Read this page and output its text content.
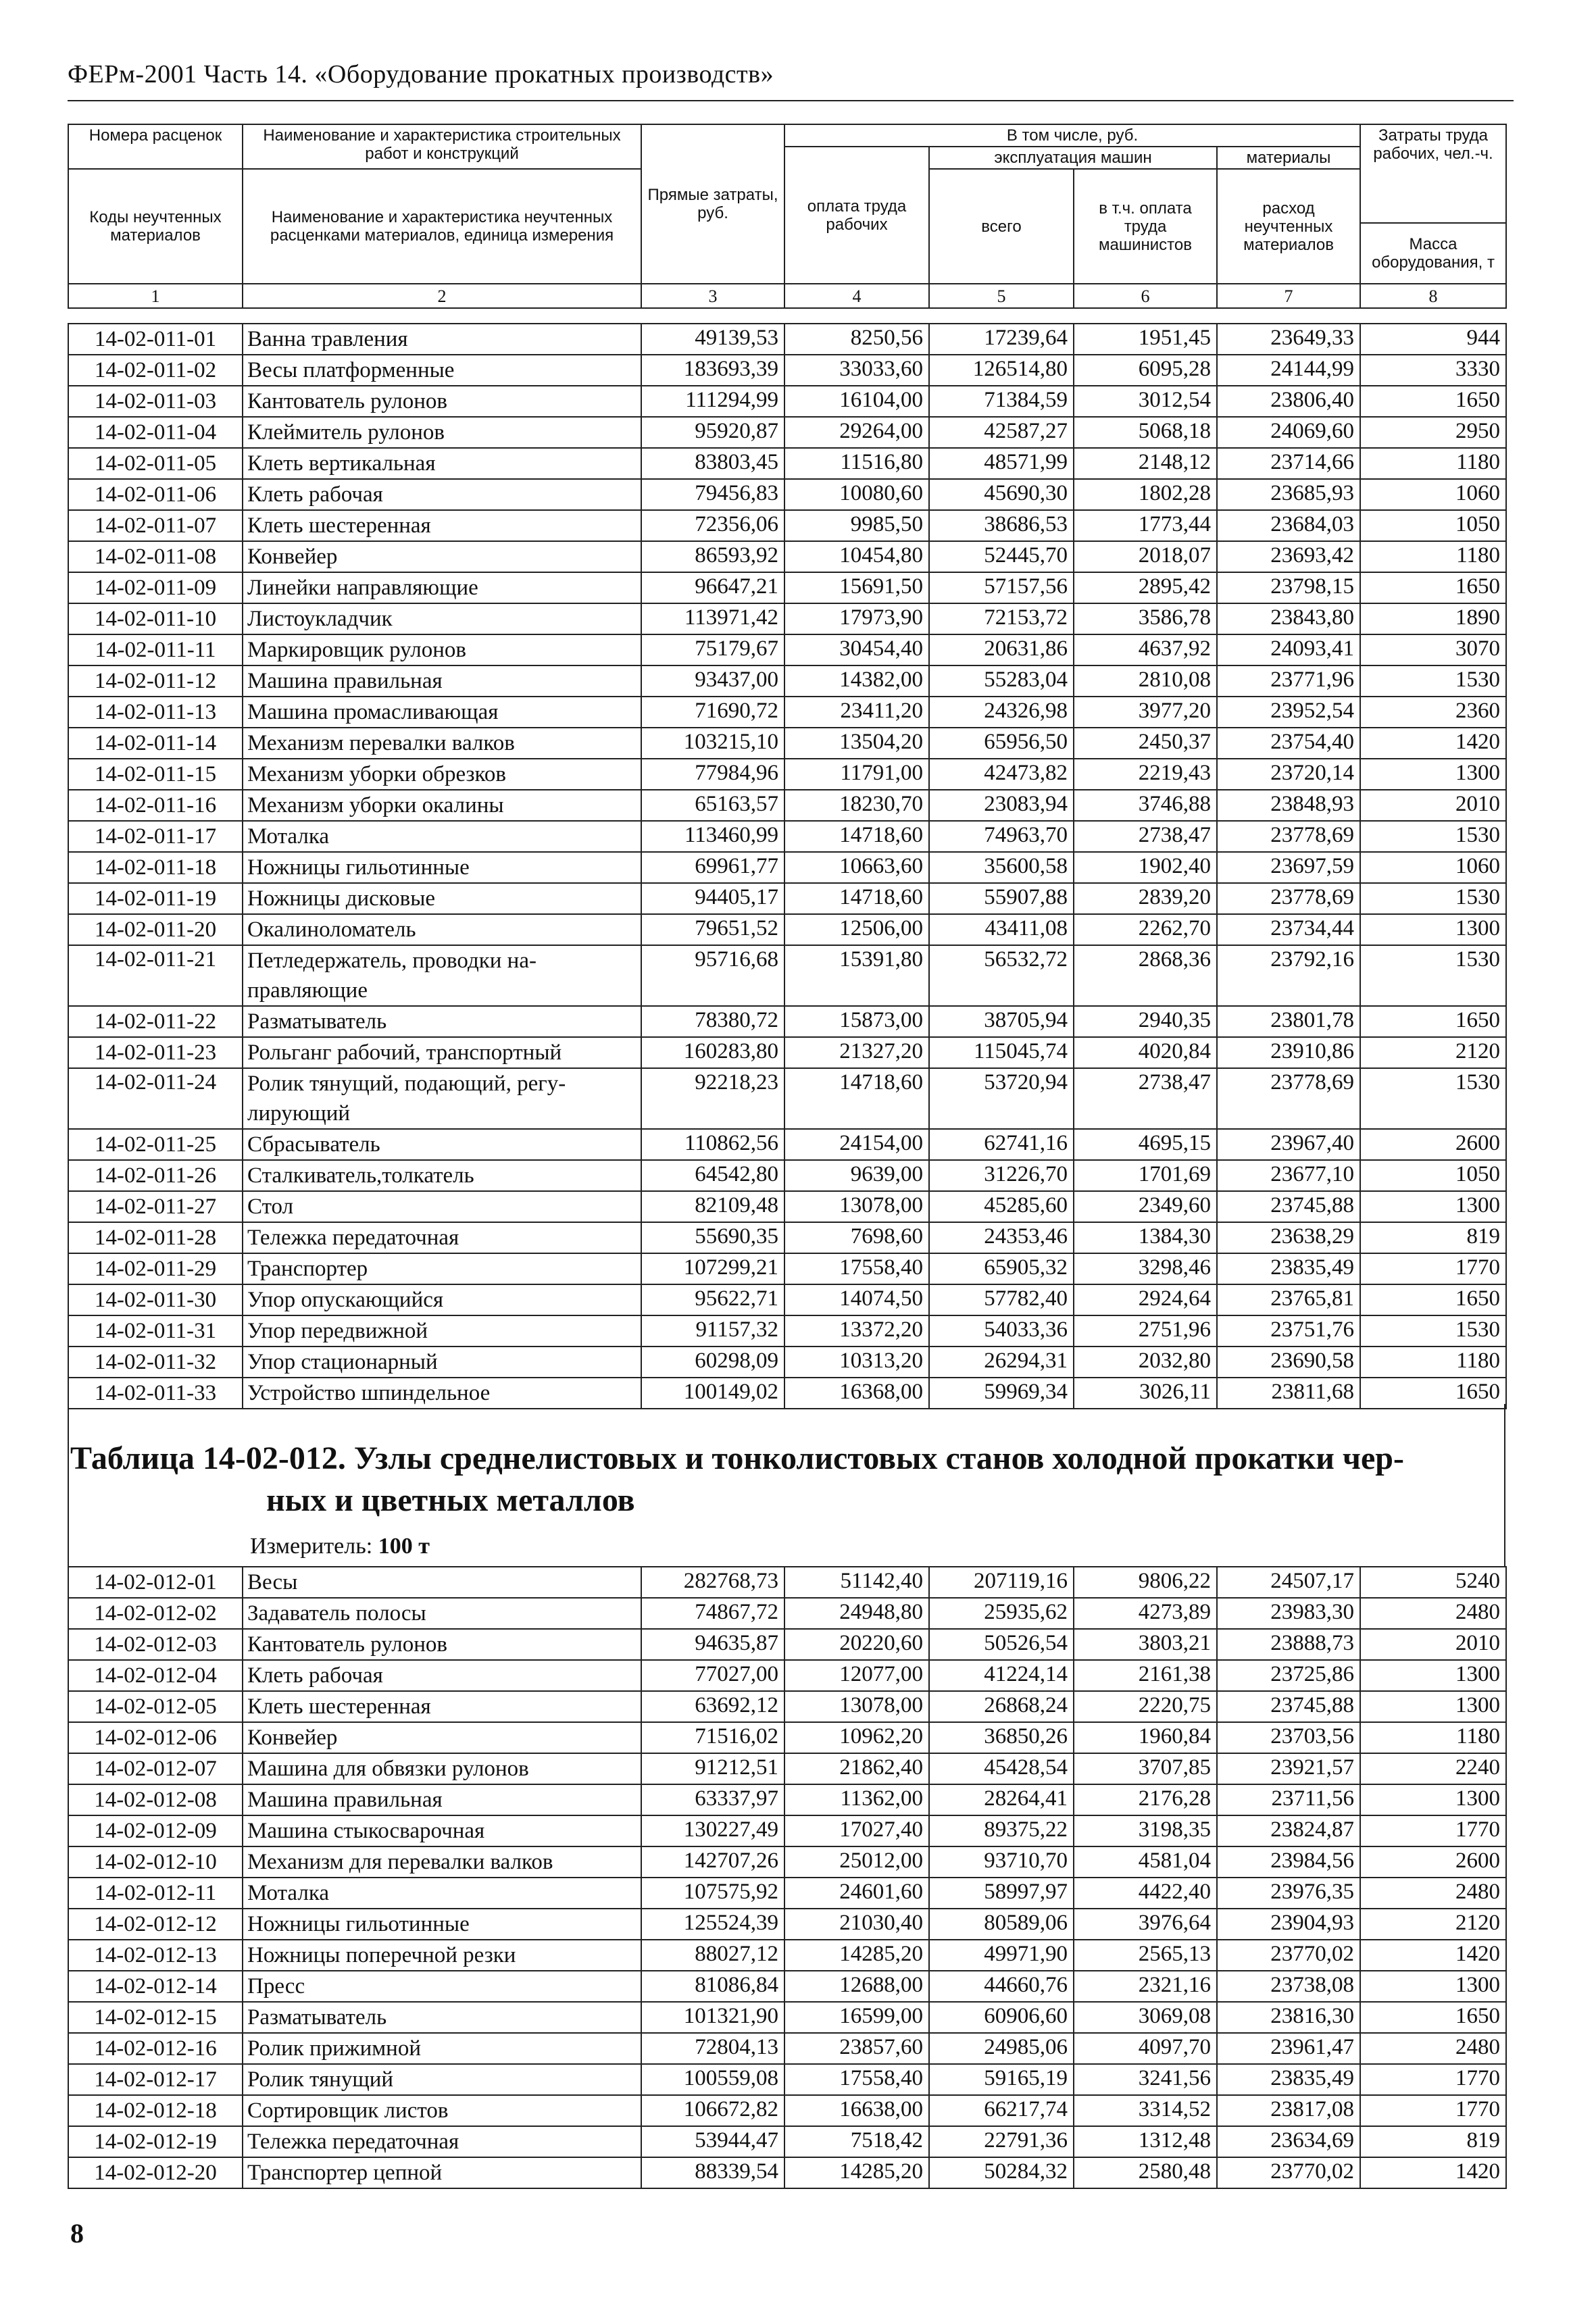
ФЕРм-2001 Часть 14. «Оборудование прокатных производств»
Номера расценок	Наименование и характеристика строительных работ и конструкций	Прямые затраты, руб.	В том числе, руб.				Затраты труда рабочих, чел.-ч.
			оплата труда рабочих	эксплуатация машин		материалы	
Коды неучтенных материалов	Наименование и характеристика неучтенных расценками материалов, единица измерения			всего	в т.ч. оплата труда машинистов	расход неучтенных материалов	
							Масса оборудования, т
1	2	3	4	5	6	7	8
14-02-011-01	Ванна травления	49139,53	8250,56	17239,64	1951,45	23649,33	944
14-02-011-02	Весы платформенные	183693,39	33033,60	126514,80	6095,28	24144,99	3330
14-02-011-03	Кантователь рулонов	111294,99	16104,00	71384,59	3012,54	23806,40	1650
14-02-011-04	Клеймитель рулонов	95920,87	29264,00	42587,27	5068,18	24069,60	2950
14-02-011-05	Клеть вертикальная	83803,45	11516,80	48571,99	2148,12	23714,66	1180
14-02-011-06	Клеть рабочая	79456,83	10080,60	45690,30	1802,28	23685,93	1060
14-02-011-07	Клеть шестеренная	72356,06	9985,50	38686,53	1773,44	23684,03	1050
14-02-011-08	Конвейер	86593,92	10454,80	52445,70	2018,07	23693,42	1180
14-02-011-09	Линейки направляющие	96647,21	15691,50	57157,56	2895,42	23798,15	1650
14-02-011-10	Листоукладчик	113971,42	17973,90	72153,72	3586,78	23843,80	1890
14-02-011-11	Маркировщик рулонов	75179,67	30454,40	20631,86	4637,92	24093,41	3070
14-02-011-12	Машина правильная	93437,00	14382,00	55283,04	2810,08	23771,96	1530
14-02-011-13	Машина промасливающая	71690,72	23411,20	24326,98	3977,20	23952,54	2360
14-02-011-14	Механизм перевалки валков	103215,10	13504,20	65956,50	2450,37	23754,40	1420
14-02-011-15	Механизм уборки обрезков	77984,96	11791,00	42473,82	2219,43	23720,14	1300
14-02-011-16	Механизм уборки окалины	65163,57	18230,70	23083,94	3746,88	23848,93	2010
14-02-011-17	Моталка	113460,99	14718,60	74963,70	2738,47	23778,69	1530
14-02-011-18	Ножницы гильотинные	69961,77	10663,60	35600,58	1902,40	23697,59	1060
14-02-011-19	Ножницы дисковые	94405,17	14718,60	55907,88	2839,20	23778,69	1530
14-02-011-20	Окалиноломатель	79651,52	12506,00	43411,08	2262,70	23734,44	1300
14-02-011-21	Петледержатель, проводки на-правляющие	95716,68	15391,80	56532,72	2868,36	23792,16	1530
14-02-011-22	Разматыватель	78380,72	15873,00	38705,94	2940,35	23801,78	1650
14-02-011-23	Рольганг рабочий, транспортный	160283,80	21327,20	115045,74	4020,84	23910,86	2120
14-02-011-24	Ролик тянущий, подающий, регу-лирующий	92218,23	14718,60	53720,94	2738,47	23778,69	1530
14-02-011-25	Сбрасыватель	110862,56	24154,00	62741,16	4695,15	23967,40	2600
14-02-011-26	Сталкиватель,толкатель	64542,80	9639,00	31226,70	1701,69	23677,10	1050
14-02-011-27	Стол	82109,48	13078,00	45285,60	2349,60	23745,88	1300
14-02-011-28	Тележка передаточная	55690,35	7698,60	24353,46	1384,30	23638,29	819
14-02-011-29	Транспортер	107299,21	17558,40	65905,32	3298,46	23835,49	1770
14-02-011-30	Упор опускающийся	95622,71	14074,50	57782,40	2924,64	23765,81	1650
14-02-011-31	Упор передвижной	91157,32	13372,20	54033,36	2751,96	23751,76	1530
14-02-011-32	Упор стационарный	60298,09	10313,20	26294,31	2032,80	23690,58	1180
14-02-011-33	Устройство шпиндельное	100149,02	16368,00	59969,34	3026,11	23811,68	1650
Таблица 14-02-012. Узлы среднелистовых и тонколистовых станов холодной прокатки чер-
ных и цветных металлов
Измеритель: 100 т
14-02-012-01	Весы	282768,73	51142,40	207119,16	9806,22	24507,17	5240
14-02-012-02	Задаватель полосы	74867,72	24948,80	25935,62	4273,89	23983,30	2480
14-02-012-03	Кантователь рулонов	94635,87	20220,60	50526,54	3803,21	23888,73	2010
14-02-012-04	Клеть рабочая	77027,00	12077,00	41224,14	2161,38	23725,86	1300
14-02-012-05	Клеть шестеренная	63692,12	13078,00	26868,24	2220,75	23745,88	1300
14-02-012-06	Конвейер	71516,02	10962,20	36850,26	1960,84	23703,56	1180
14-02-012-07	Машина для обвязки рулонов	91212,51	21862,40	45428,54	3707,85	23921,57	2240
14-02-012-08	Машина правильная	63337,97	11362,00	28264,41	2176,28	23711,56	1300
14-02-012-09	Машина стыкосварочная	130227,49	17027,40	89375,22	3198,35	23824,87	1770
14-02-012-10	Механизм для перевалки валков	142707,26	25012,00	93710,70	4581,04	23984,56	2600
14-02-012-11	Моталка	107575,92	24601,60	58997,97	4422,40	23976,35	2480
14-02-012-12	Ножницы гильотинные	125524,39	21030,40	80589,06	3976,64	23904,93	2120
14-02-012-13	Ножницы поперечной резки	88027,12	14285,20	49971,90	2565,13	23770,02	1420
14-02-012-14	Пресс	81086,84	12688,00	44660,76	2321,16	23738,08	1300
14-02-012-15	Разматыватель	101321,90	16599,00	60906,60	3069,08	23816,30	1650
14-02-012-16	Ролик прижимной	72804,13	23857,60	24985,06	4097,70	23961,47	2480
14-02-012-17	Ролик тянущий	100559,08	17558,40	59165,19	3241,56	23835,49	1770
14-02-012-18	Сортировщик листов	106672,82	16638,00	66217,74	3314,52	23817,08	1770
14-02-012-19	Тележка передаточная	53944,47	7518,42	22791,36	1312,48	23634,69	819
14-02-012-20	Транспортер цепной	88339,54	14285,20	50284,32	2580,48	23770,02	1420
8
